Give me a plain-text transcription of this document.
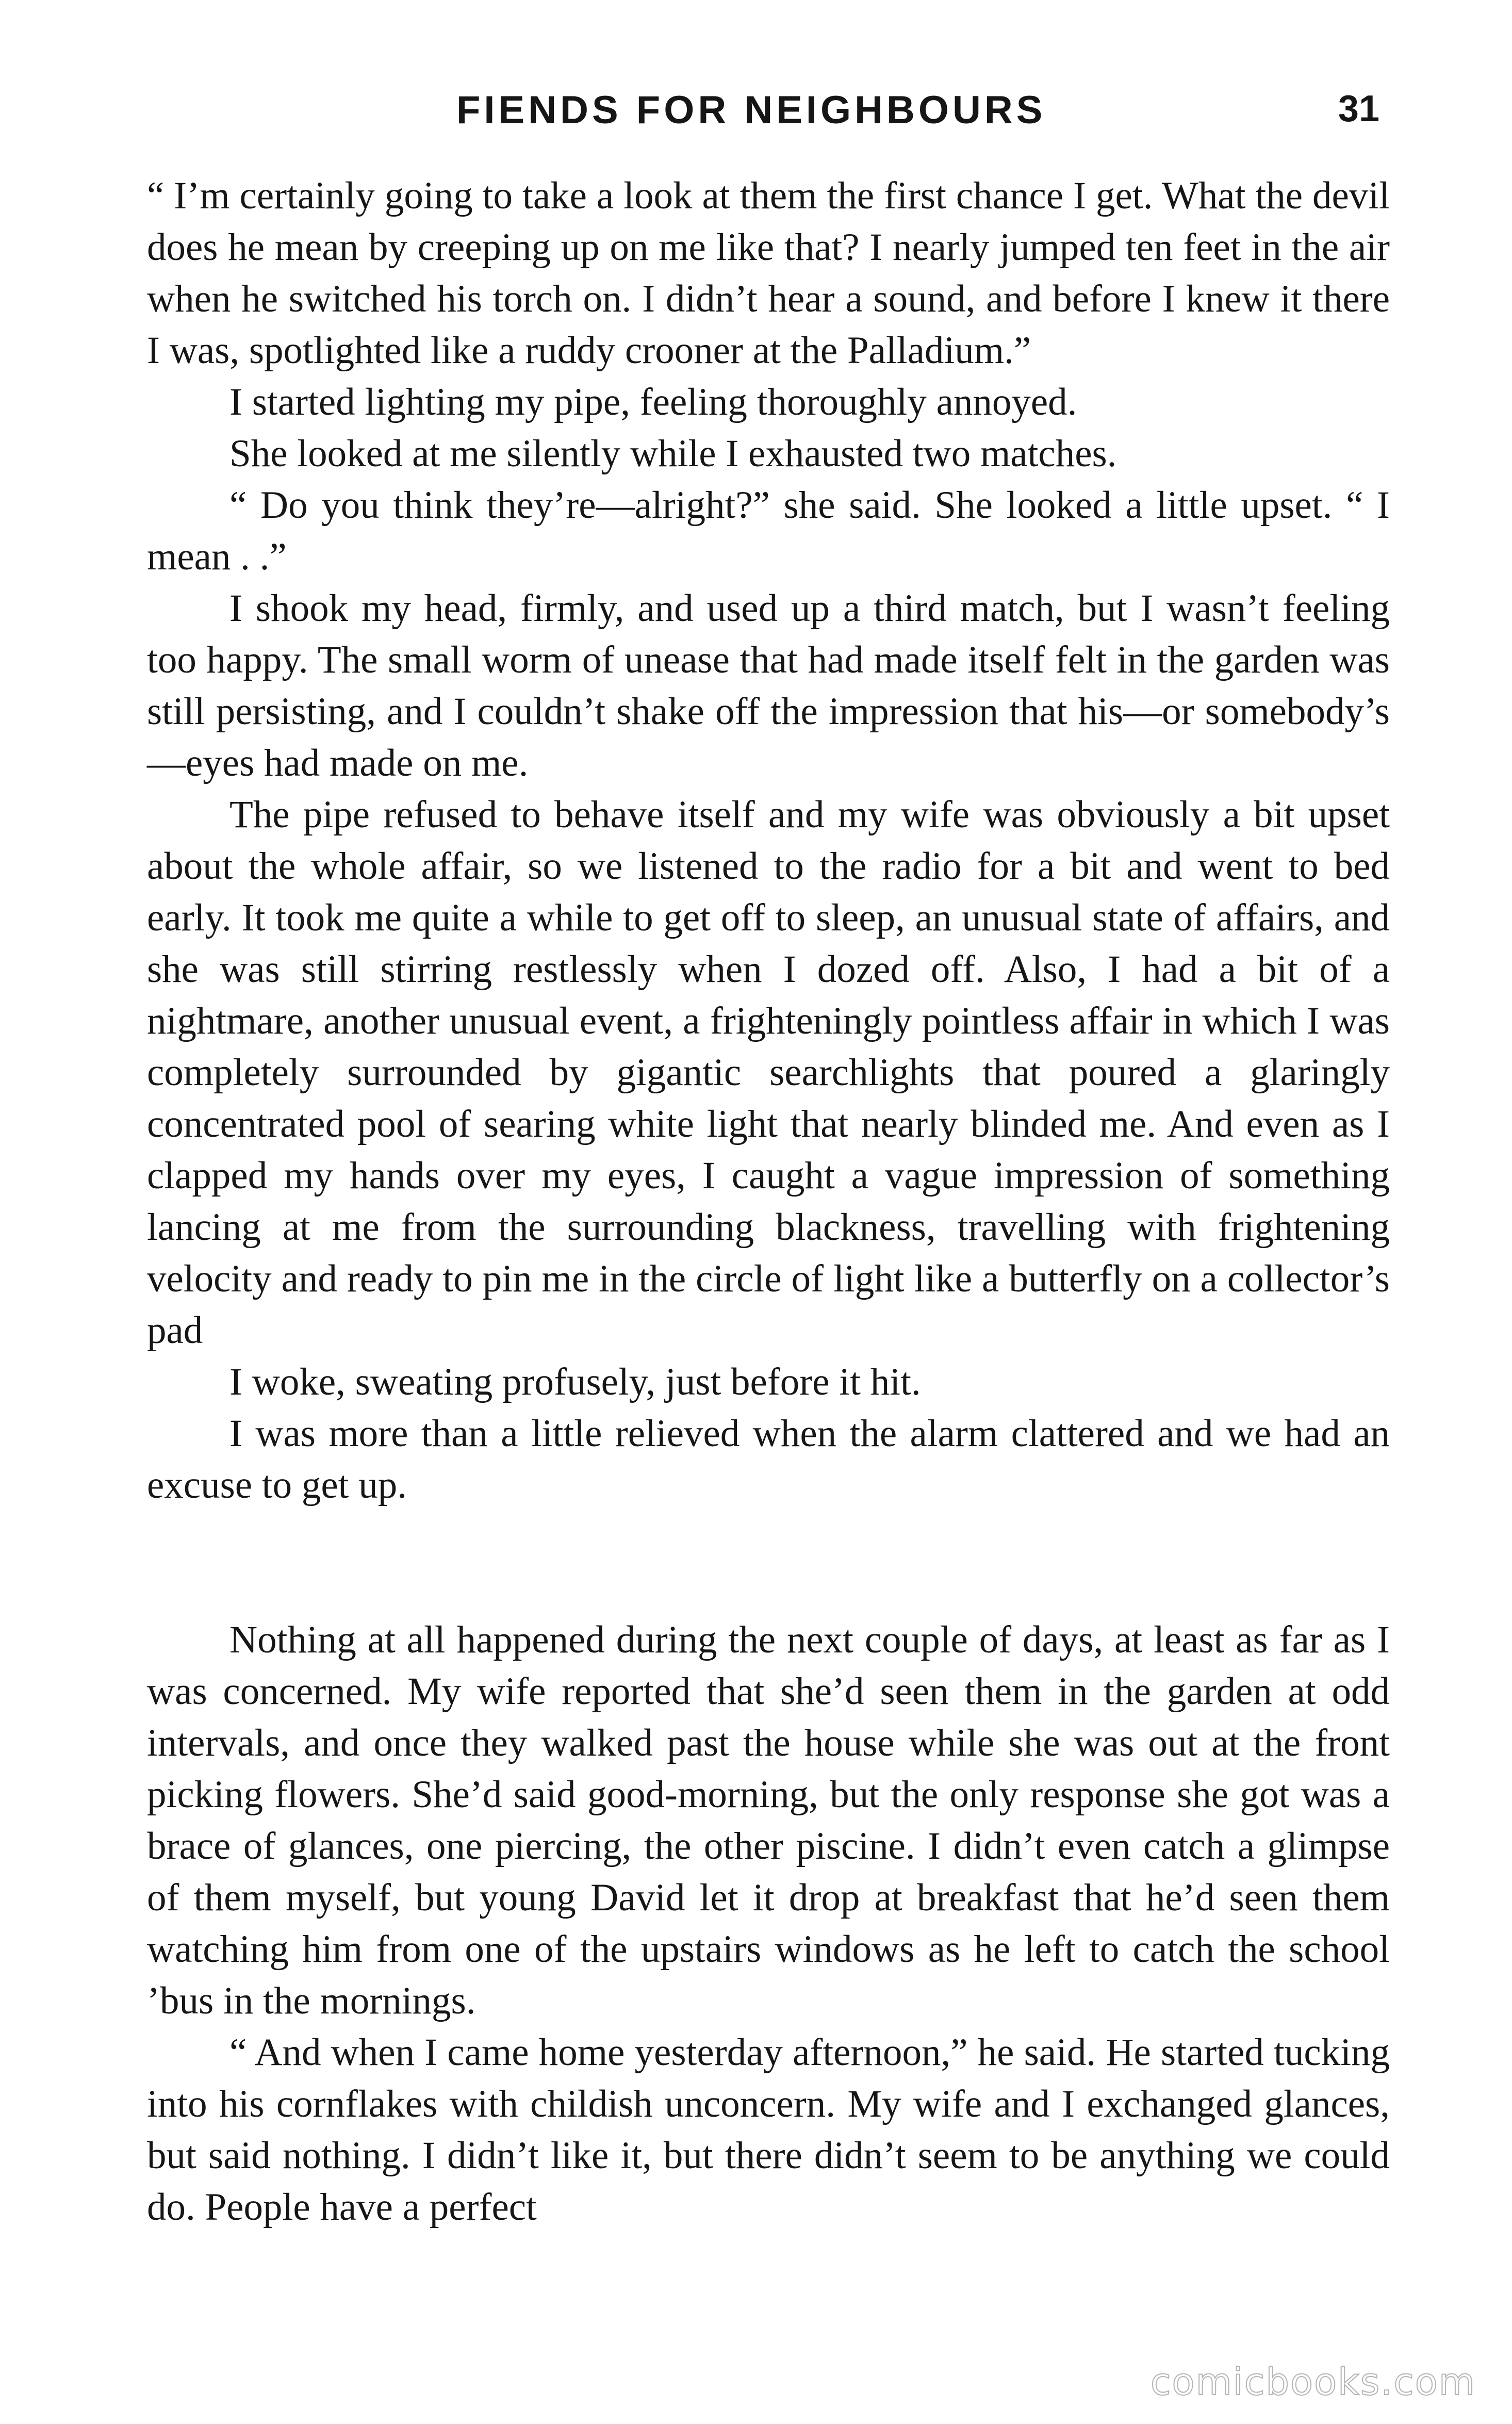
FIENDS FOR NEIGHBOURS	31

“ I’m certainly going to take a look at them the first chance I get. What the devil does he mean by creeping up on me like that? I nearly jumped ten feet in the air when he switched his torch on. I didn’t hear a sound, and before I knew it there I was, spotlighted like a ruddy crooner at the Palladium.”

I started lighting my pipe, feeling thoroughly annoyed.

She looked at me silently while I exhausted two matches.

“ Do you think they’re—alright?” she said. She looked a little upset. “ I mean . .”

I shook my head, firmly, and used up a third match, but I wasn’t feeling too happy. The small worm of unease that had made itself felt in the garden was still persisting, and I couldn’t shake off the impression that his—or somebody’s—eyes had made on me.

The pipe refused to behave itself and my wife was obviously a bit upset about the whole affair, so we listened to the radio for a bit and went to bed early. It took me quite a while to get off to sleep, an unusual state of affairs, and she was still stirring restlessly when I dozed off. Also, I had a bit of a nightmare, another unusual event, a frighteningly pointless affair in which I was completely surrounded by gigantic searchlights that poured a glaringly concentrated pool of searing white light that nearly blinded me. And even as I clapped my hands over my eyes, I caught a vague impression of something lancing at me from the surrounding blackness, travelling with frightening velocity and ready to pin me in the circle of light like a butterfly on a collector’s pad

I woke, sweating profusely, just before it hit.

I was more than a little relieved when the alarm clattered and we had an excuse to get up.

Nothing at all happened during the next couple of days, at least as far as I was concerned. My wife reported that she’d seen them in the garden at odd intervals, and once they walked past the house while she was out at the front picking flowers. She’d said good-morning, but the only response she got was a brace of glances, one piercing, the other piscine. I didn’t even catch a glimpse of them myself, but young David let it drop at breakfast that he’d seen them watching him from one of the upstairs windows as he left to catch the school ’bus in the mornings.

“ And when I came home yesterday afternoon,” he said. He started tucking into his cornflakes with childish unconcern. My wife and I exchanged glances, but said nothing. I didn’t like it, but there didn’t seem to be anything we could do. People have a perfect

comicbooks.com
